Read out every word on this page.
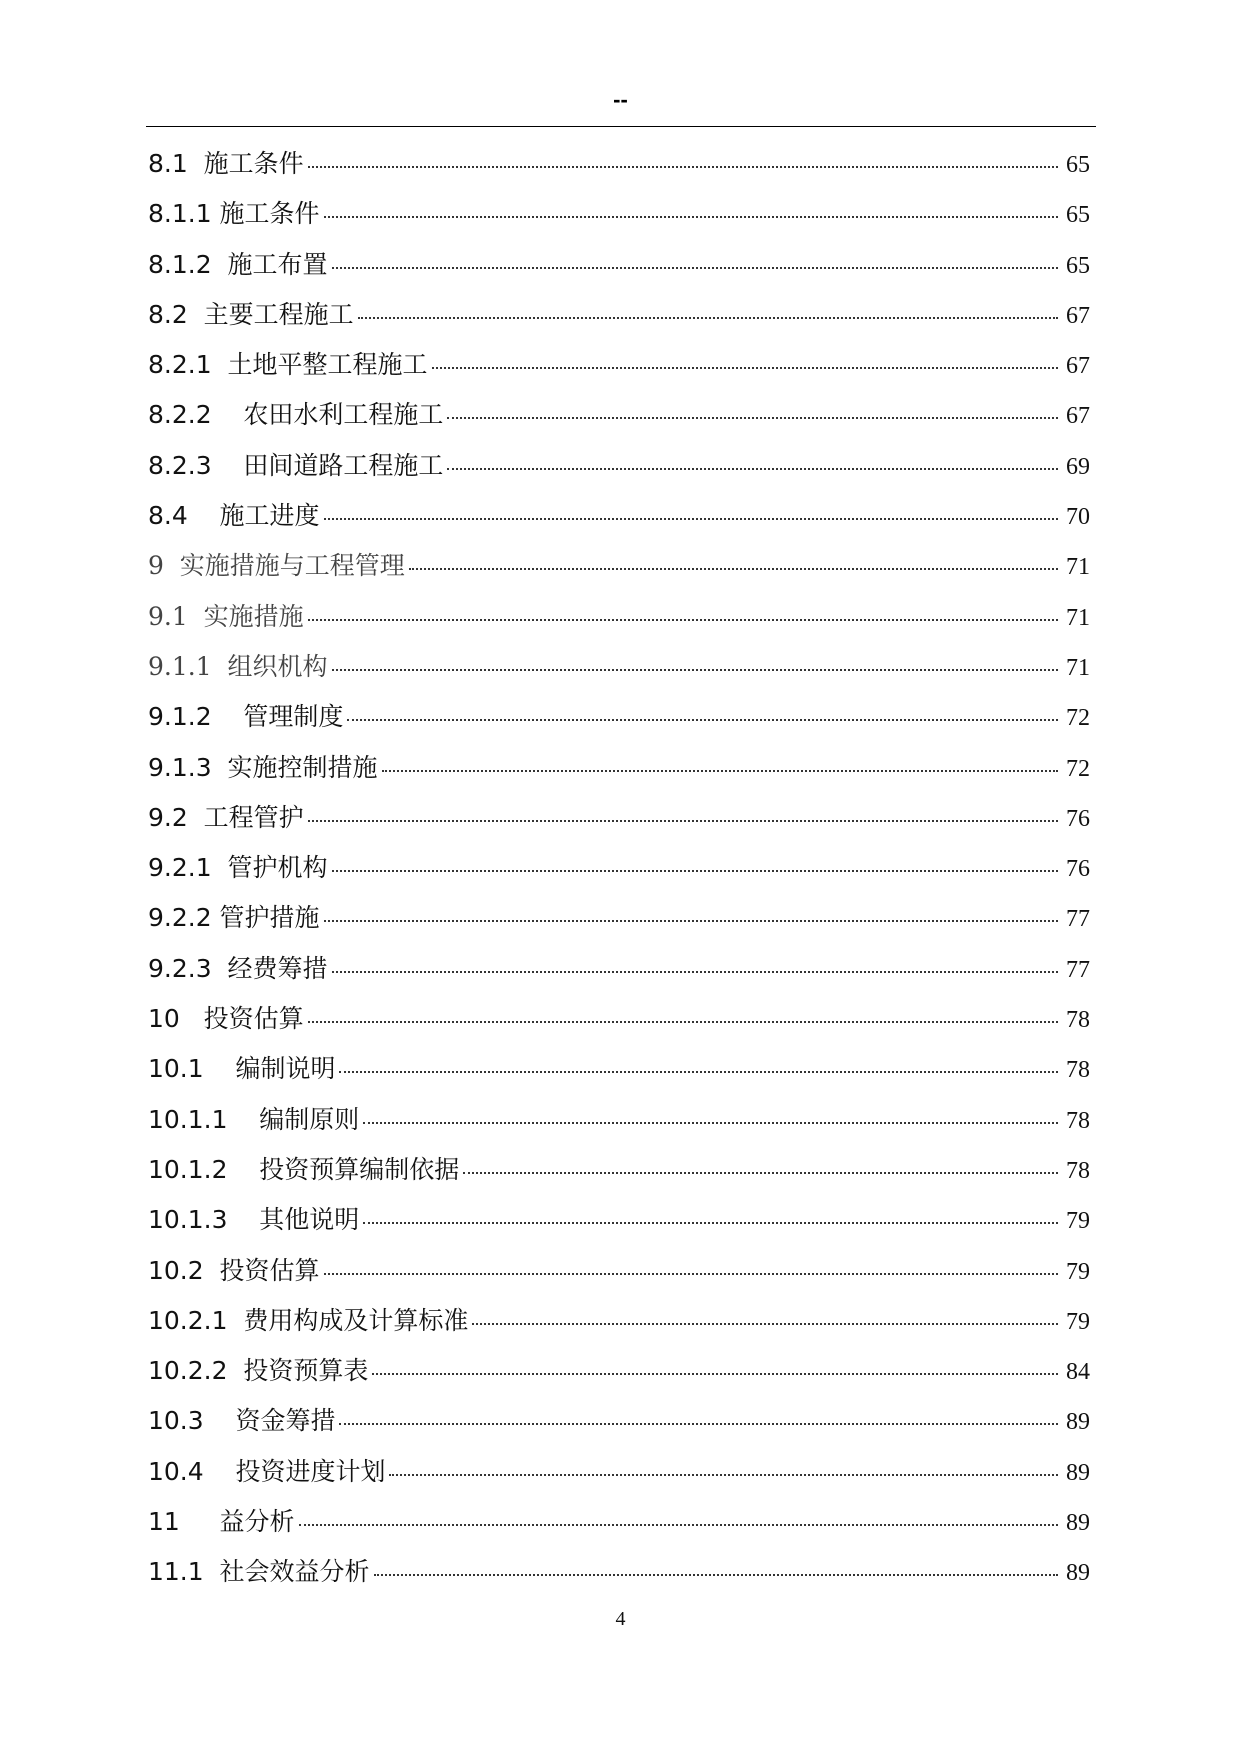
--
8.1  施工条件	65
8.1.1 施工条件	65
8.1.2  施工布置	65
8.2  主要工程施工	67
8.2.1  土地平整工程施工	67
8.2.2    农田水利工程施工	67
8.2.3    田间道路工程施工	69
8.4    施工进度	70
9  实施措施与工程管理	71
9.1  实施措施	71
9.1.1  组织机构	71
9.1.2    管理制度	72
9.1.3  实施控制措施	72
9.2  工程管护	76
9.2.1  管护机构	76
9.2.2 管护措施	77
9.2.3  经费筹措	77
10   投资估算	78
10.1    编制说明	78
10.1.1    编制原则	78
10.1.2    投资预算编制依据	78
10.1.3    其他说明	79
10.2  投资估算	79
10.2.1  费用构成及计算标准	79
10.2.2  投资预算表	84
10.3    资金筹措	89
10.4    投资进度计划	89
11     益分析	89
11.1  社会效益分析	89
4
